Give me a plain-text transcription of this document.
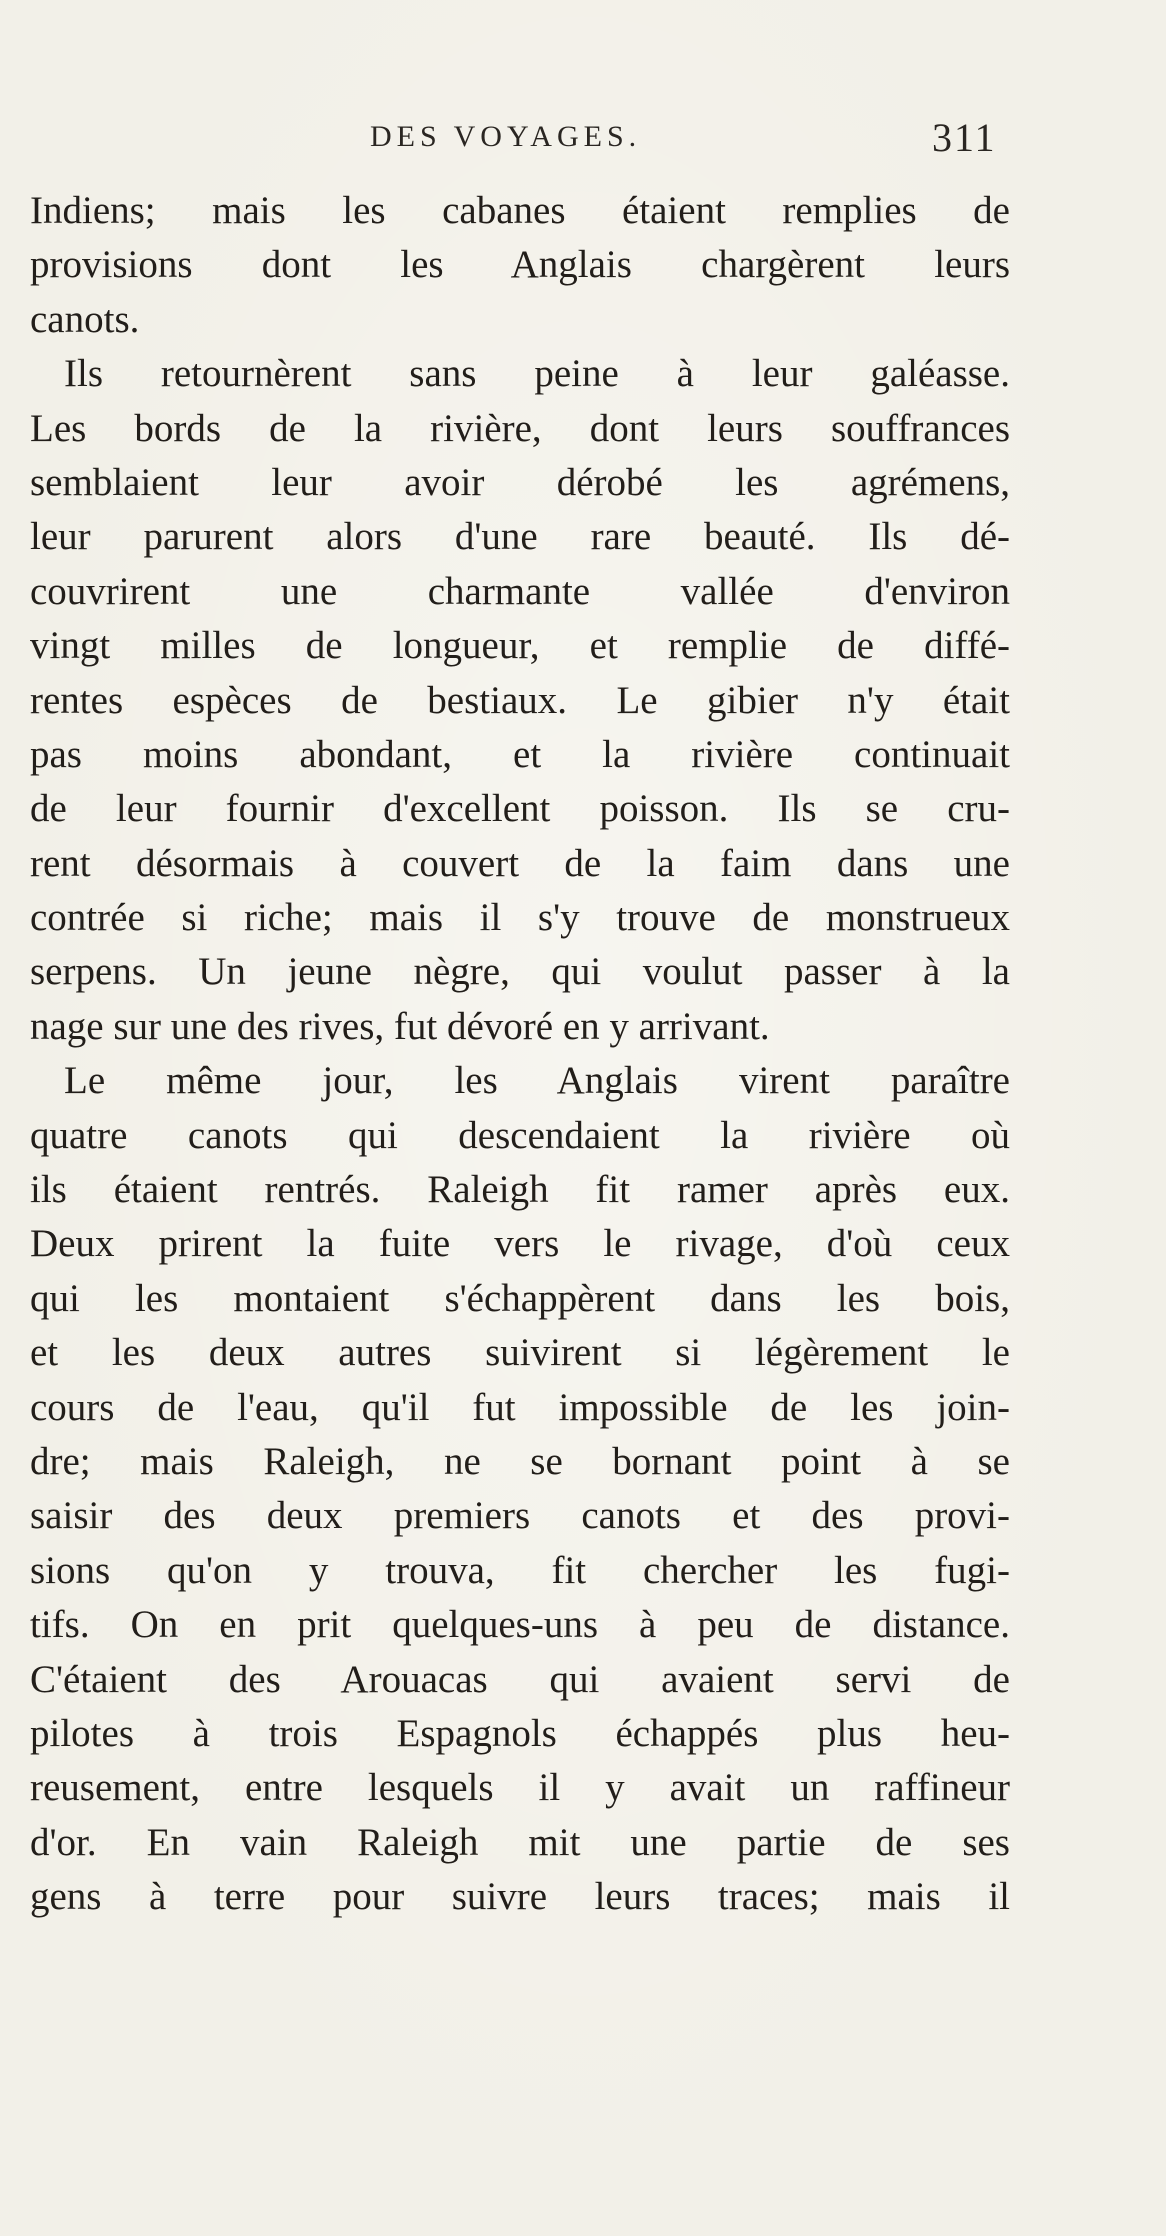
DES VOYAGES.	311
Indiens; mais les cabanes étaient remplies de
provisions dont les Anglais chargèrent leurs
canots.
Ils retournèrent sans peine à leur galéasse.
Les bords de la rivière, dont leurs souffrances
semblaient leur avoir dérobé les agrémens,
leur parurent alors d'une rare beauté. Ils dé-
couvrirent une charmante vallée d'environ
vingt milles de longueur, et remplie de diffé-
rentes espèces de bestiaux. Le gibier n'y était
pas moins abondant, et la rivière continuait
de leur fournir d'excellent poisson. Ils se cru-
rent désormais à couvert de la faim dans une
contrée si riche; mais il s'y trouve de monstrueux
serpens. Un jeune nègre, qui voulut passer à la
nage sur une des rives, fut dévoré en y arrivant.
Le même jour, les Anglais virent paraître
quatre canots qui descendaient la rivière où
ils étaient rentrés. Raleigh fit ramer après eux.
Deux prirent la fuite vers le rivage, d'où ceux
qui les montaient s'échappèrent dans les bois,
et les deux autres suivirent si légèrement le
cours de l'eau, qu'il fut impossible de les join-
dre; mais Raleigh, ne se bornant point à se
saisir des deux premiers canots et des provi-
sions qu'on y trouva, fit chercher les fugi-
tifs. On en prit quelques-uns à peu de distance.
C'étaient des Arouacas qui avaient servi de
pilotes à trois Espagnols échappés plus heu-
reusement, entre lesquels il y avait un raffineur
d'or. En vain Raleigh mit une partie de ses
gens à terre pour suivre leurs traces; mais il
